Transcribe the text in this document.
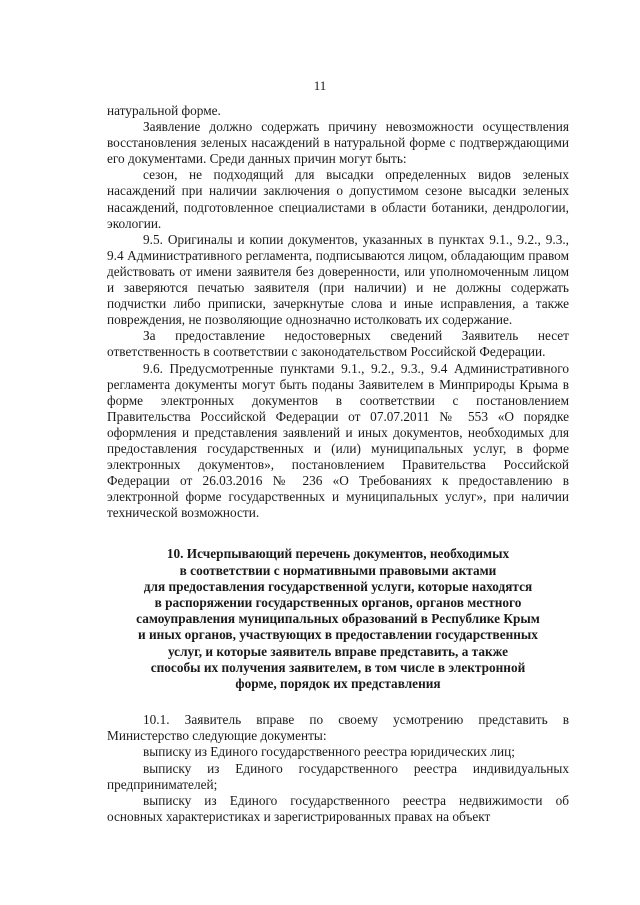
11

натуральной форме.

Заявление должно содержать причину невозможности осуществления восстановления зеленых насаждений в натуральной форме с подтверждающими его документами. Среди данных причин могут быть:

сезон, не подходящий для высадки определенных видов зеленых насаждений при наличии заключения о допустимом сезоне высадки зеленых насаждений, подготовленное специалистами в области ботаники, дендрологии, экологии.

9.5. Оригиналы и копии документов, указанных в пунктах 9.1., 9.2., 9.3., 9.4 Административного регламента, подписываются лицом, обладающим правом действовать от имени заявителя без доверенности, или уполномоченным лицом и заверяются печатью заявителя (при наличии) и не должны содержать подчистки либо приписки, зачеркнутые слова и иные исправления, а также повреждения, не позволяющие однозначно истолковать их содержание.

За предоставление недостоверных сведений Заявитель несет ответственность в соответствии с законодательством Российской Федерации.

9.6. Предусмотренные пунктами 9.1., 9.2., 9.3., 9.4 Административного регламента документы могут быть поданы Заявителем в Минприроды Крыма в форме электронных документов в соответствии с постановлением Правительства Российской Федерации от 07.07.2011 № 553 «О порядке оформления и представления заявлений и иных документов, необходимых для предоставления государственных и (или) муниципальных услуг, в форме электронных документов», постановлением Правительства Российской Федерации от 26.03.2016 № 236 «О Требованиях к предоставлению в электронной форме государственных и муниципальных услуг», при наличии технической возможности.

10. Исчерпывающий перечень документов, необходимых
в соответствии с нормативными правовыми актами
для предоставления государственной услуги, которые находятся
в распоряжении государственных органов, органов местного
самоуправления муниципальных образований в Республике Крым
и иных органов, участвующих в предоставлении государственных
услуг, и которые заявитель вправе представить, а также
способы их получения заявителем, в том числе в электронной
форме, порядок их представления

10.1. Заявитель вправе по своему усмотрению представить в Министерство следующие документы:

выписку из Единого государственного реестра юридических лиц;

выписку из Единого государственного реестра индивидуальных предпринимателей;

выписку из Единого государственного реестра недвижимости об основных характеристиках и зарегистрированных правах на объект
